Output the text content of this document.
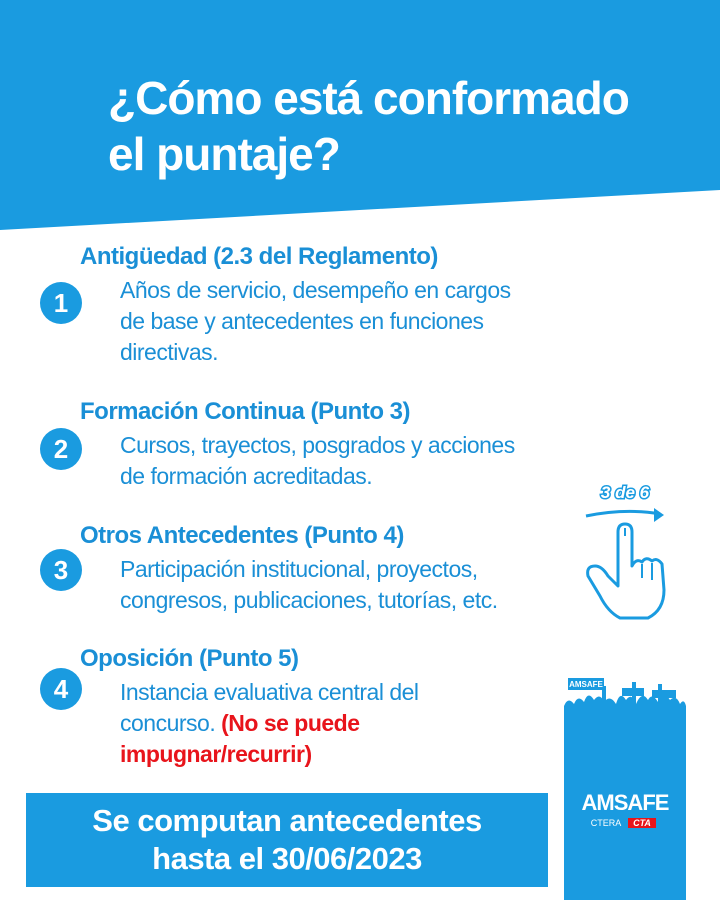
¿Cómo está conformado
el puntaje?
Antigüedad (2.3 del Reglamento)
1	Años de servicio, desempeño en cargos
de base y antecedentes en funciones
directivas.
Formación Continua (Punto 3)
2	Cursos, trayectos, posgrados y acciones
de formación acreditadas.
Otros Antecedentes (Punto 4)
3	Participación institucional, proyectos,
congresos, publicaciones, tutorías, etc.
Oposición (Punto 5)
4	Instancia evaluativa central del
concurso. (No se puede
impugnar/recurrir)
3 de 6
AMSAFE
AMSAFE
CTERA CTA
Se computan antecedentes
hasta el 30/06/2023
